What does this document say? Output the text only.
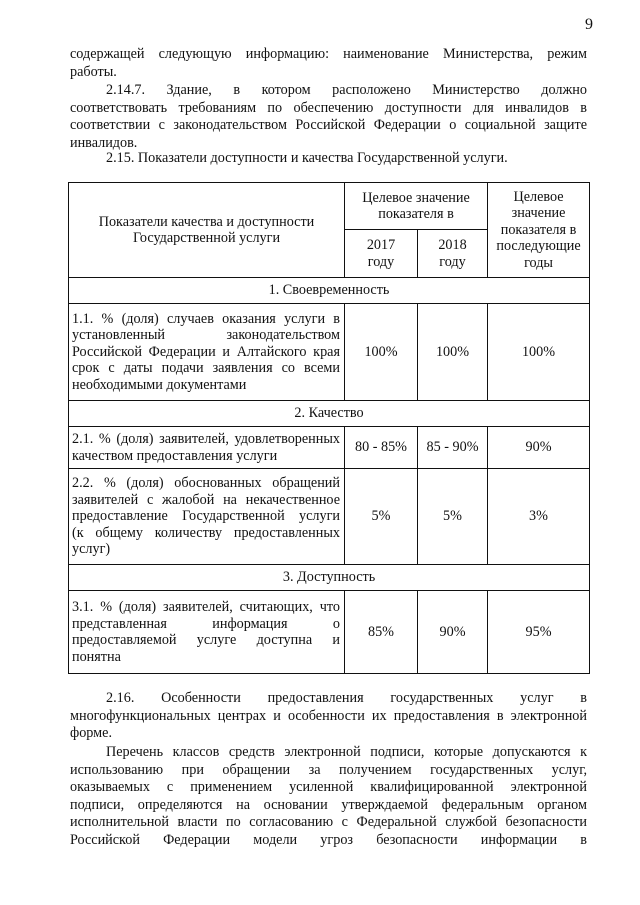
9
содержащей следующую информацию: наименование Министерства, режим
работы.
2.14.7. Здание, в котором расположено Министерство должно
соответствовать требованиям по обеспечению доступности для инвалидов в
соответствии с законодательством Российской Федерации о социальной защите
инвалидов.
2.15. Показатели доступности и качества Государственной услуги.
Показатели качества и доступности Государственной услуги	Целевое значение показателя в		Целевое значение показателя в последующие годы
	2017 году	2018 году	
1. Своевременность			

1.1. % (доля) случаев оказания услуги в
установленный законодательством
Российской Федерации и Алтайского края
срок с даты подачи заявления со всеми
необходимыми документами	100%	100%	100%
2. Качество			

2.1. % (доля) заявителей, удовлетворенных
качеством предоставления услуги	80 - 85%	85 - 90%	90%

2.2. % (доля) обоснованных обращений
заявителей с жалобой на некачественное
предоставление Государственной услуги
(к общему количеству предоставленных
услуг)	5%	5%	3%
3. Доступность			

3.1. % (доля) заявителей, считающих, что
представленная информация о
предоставляемой услуге доступна и
понятна	85%	90%	95%
2.16. Особенности предоставления государственных услуг в
многофункциональных центрах и особенности их предоставления в электронной
форме.
Перечень классов средств электронной подписи, которые допускаются к
использованию при обращении за получением государственных услуг,
оказываемых с применением усиленной квалифицированной электронной
подписи, определяются на основании утверждаемой федеральным органом
исполнительной власти по согласованию с Федеральной службой безопасности
Российской Федерации модели угроз безопасности информации в
